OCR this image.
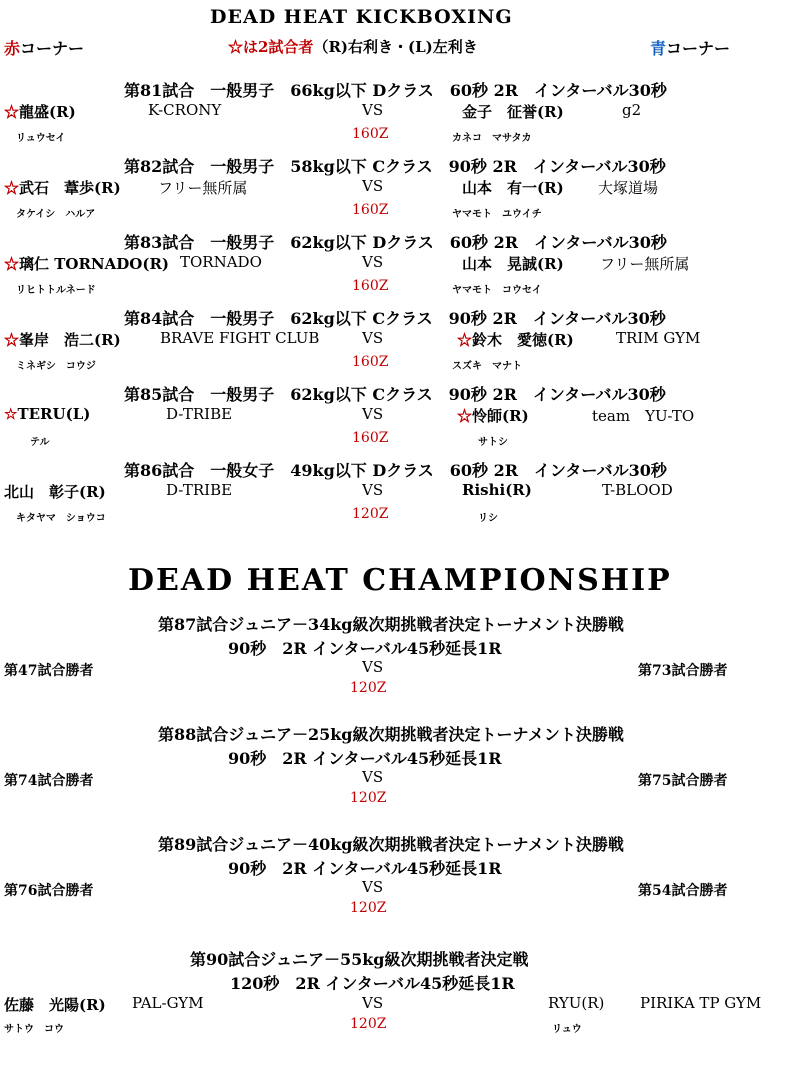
DEAD HEAT KICKBOXING
赤コーナー	☆は2試合者（R)右利き・(L)左利き	青コーナー
第81試合　一般男子　66kg以下 Dクラス　60秒 2R　インターバル30秒
☆龍盛(R)	K-CRONY	VS	金子　征誉(R)	g2
リュウセイ	160Z	カネコ　マサタカ
第82試合　一般男子　58kg以下 Cクラス　90秒 2R　インターバル30秒
☆武石　葦歩(R) フリー無所属	VS	山本　有一(R) 大塚道場
タケイシ　ハルア	160Z	ヤマモト　ユウイチ
第83試合　一般男子　62kg以下 Dクラス　60秒 2R　インターバル30秒
☆璃仁 TORNADO(R) TORNADO	VS	山本　晃誠(R) フリー無所属
リヒトトルネード	160Z	ヤマモト　コウセイ
第84試合　一般男子　62kg以下 Cクラス　90秒 2R　インターバル30秒
☆峯岸　浩二(R)	BRAVE FIGHT CLUB	VS	☆鈴木　愛徳(R)	TRIM GYM
ミネギシ　コウジ	160Z	スズキ　マナト
第85試合　一般男子　62kg以下 Cクラス　90秒 2R　インターバル30秒
☆TERU(L)	D-TRIBE	VS	☆怜師(R)	team　YU-TO
テル	160Z	サトシ
第86試合　一般女子　49kg以下 Dクラス　60秒 2R　インターバル30秒
北山　彰子(R)	D-TRIBE	VS	Rishi(R)	T-BLOOD
キタヤマ　ショウコ	120Z	リシ
DEAD HEAT CHAMPIONSHIP
第87試合ジュニア－34kg級次期挑戦者決定トーナメント決勝戦
90秒　2R インターバル45秒延長1R
第47試合勝者	VS	第73試合勝者
120Z
第88試合ジュニア－25kg級次期挑戦者決定トーナメント決勝戦
90秒　2R インターバル45秒延長1R
第74試合勝者	VS	第75試合勝者
120Z
第89試合ジュニア－40kg級次期挑戦者決定トーナメント決勝戦
90秒　2R インターバル45秒延長1R
第76試合勝者	VS	第54試合勝者
120Z
第90試合ジュニア－55kg級次期挑戦者決定戦
120秒　2R インターバル45秒延長1R
佐藤　光陽(R) PAL-GYM	VS	RYU(R) PIRIKA TP GYM
サトウ　コウ	120Z	リュウ
